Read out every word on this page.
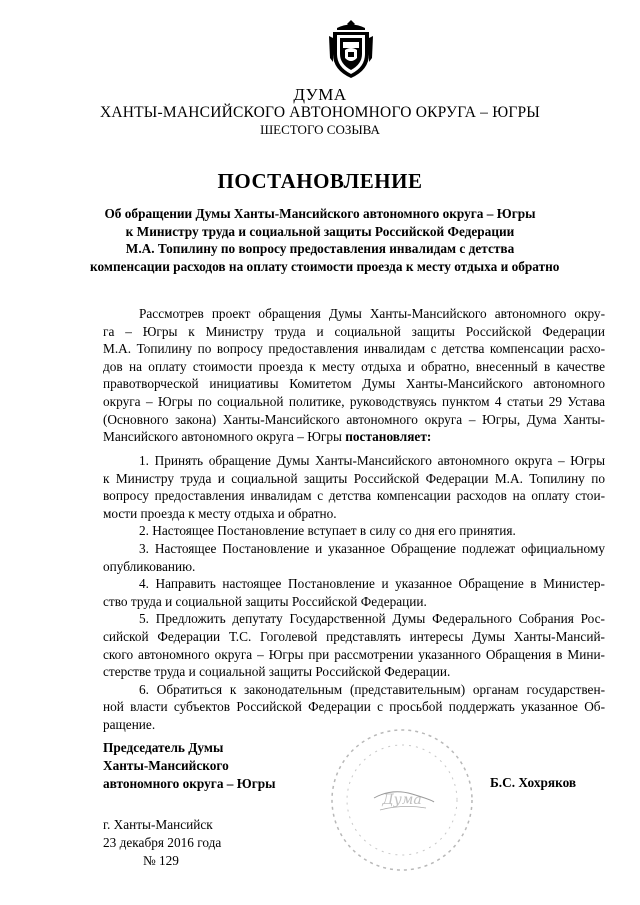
ДУМА
ХАНТЫ-МАНСИЙСКОГО АВТОНОМНОГО ОКРУГА – ЮГРЫ
ШЕСТОГО СОЗЫВА
ПОСТАНОВЛЕНИЕ
Об обращении Думы Ханты-Мансийского автономного округа – Югры
к Министру труда и социальной защиты Российской Федерации
М.А. Топилину по вопросу предоставления инвалидам с детства
компенсации расходов на оплату стоимости проезда к месту отдыха и обратно
Рассмотрев проект обращения Думы Ханты-Мансийского автономного окру-
га – Югры к Министру труда и социальной защиты Российской Федерации
М.А. Топилину по вопросу предоставления инвалидам с детства компенсации расхо-
дов на оплату стоимости проезда к месту отдыха и обратно, внесенный в качестве
правотворческой инициативы Комитетом Думы Ханты-Мансийского автономного
округа – Югры по социальной политике, руководствуясь пунктом 4 статьи 29 Устава
(Основного закона) Ханты-Мансийского автономного округа – Югры, Дума Ханты-
Мансийского автономного округа – Югры постановляет:
1. Принять обращение Думы Ханты-Мансийского автономного округа – Югры
к Министру труда и социальной защиты Российской Федерации М.А. Топилину по
вопросу предоставления инвалидам с детства компенсации расходов на оплату стои-
мости проезда к месту отдыха и обратно.
2. Настоящее Постановление вступает в силу со дня его принятия.
3. Настоящее Постановление и указанное Обращение подлежат официальному
опубликованию.
4. Направить настоящее Постановление и указанное Обращение в Министер-
ство труда и социальной защиты Российской Федерации.
5. Предложить депутату Государственной Думы Федерального Собрания Рос-
сийской Федерации Т.С. Гоголевой представлять интересы Думы Ханты-Мансий-
ского автономного округа – Югры при рассмотрении указанного Обращения в Мини-
стерстве труда и социальной защиты Российской Федерации.
6. Обратиться к законодательным (представительным) органам государствен-
ной власти субъектов Российской Федерации с просьбой поддержать указанное Об-
ращение.
Председатель Думы
Ханты-Мансийского
автономного округа – Югры
Дума
Б.С. Хохряков
г. Ханты-Мансийск
23 декабря 2016 года
№ 129
